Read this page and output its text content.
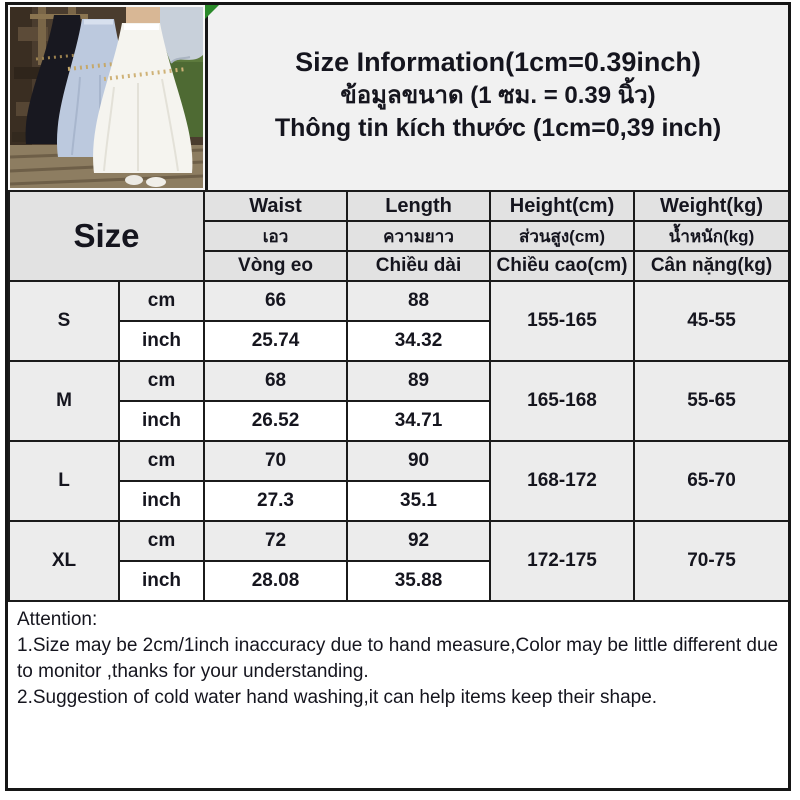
Size Information(1cm=0.39inch)
ข้อมูลขนาด (1 ซม. = 0.39 นิ้ว)
Thông tin kích thước (1cm=0,39 inch)
Size		Waist	Length	Height(cm)	Weight(kg)
		เอว	ความยาว	ส่วนสูง(cm)	น้ำหนัก(kg)
		Vòng eo	Chiều dài	Chiều cao(cm)	Cân nặng(kg)
S	cm	66	88	155-165	45-55
	inch	25.74	34.32		
M	cm	68	89	165-168	55-65
	inch	26.52	34.71		
L	cm	70	90	168-172	65-70
	inch	27.3	35.1		
XL	cm	72	92	172-175	70-75
	inch	28.08	35.88		

Attention:

1.Size may be 2cm/1inch inaccuracy due to hand measure,Color may be little different due to monitor ,thanks for your understanding.

2.Suggestion of cold water hand washing,it can help items keep their shape.
